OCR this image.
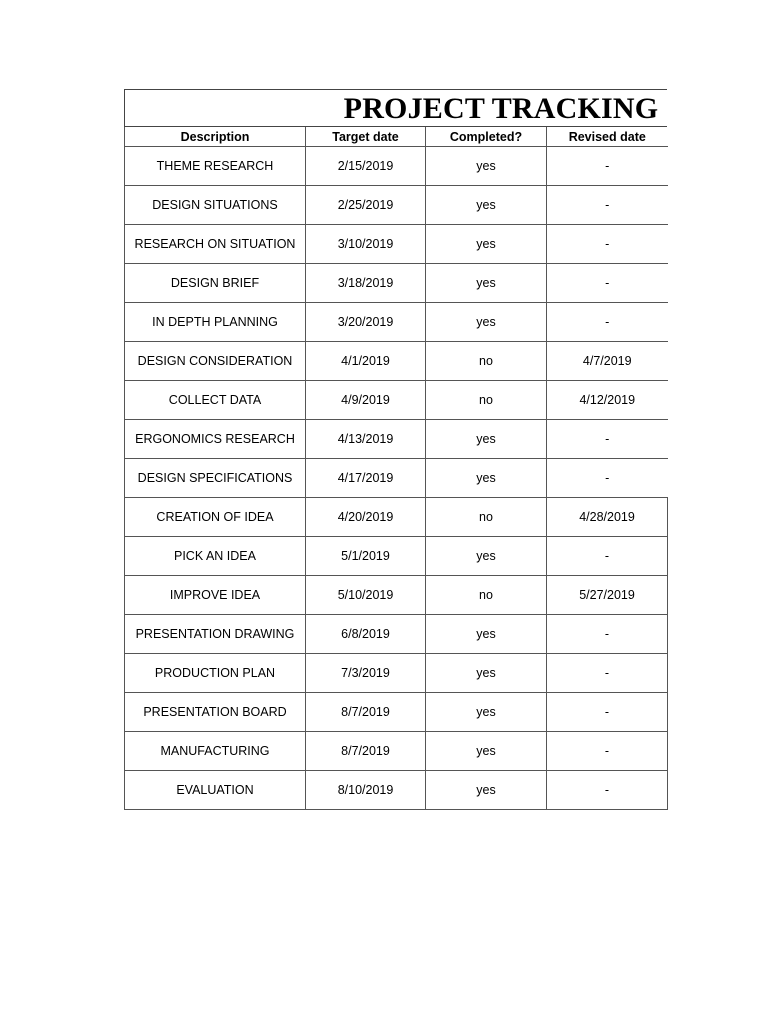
PROJECT TRACKING
Description	Target date	Completed?	Revised date
THEME RESEARCH	2/15/2019	yes	-
DESIGN SITUATIONS	2/25/2019	yes	-
RESEARCH ON SITUATION	3/10/2019	yes	-
DESIGN BRIEF	3/18/2019	yes	-
IN DEPTH PLANNING	3/20/2019	yes	-
DESIGN CONSIDERATION	4/1/2019	no	4/7/2019
COLLECT DATA	4/9/2019	no	4/12/2019
ERGONOMICS RESEARCH	4/13/2019	yes	-
DESIGN SPECIFICATIONS	4/17/2019	yes	-
CREATION OF IDEA	4/20/2019	no	4/28/2019
PICK AN IDEA	5/1/2019	yes	-
IMPROVE IDEA	5/10/2019	no	5/27/2019
PRESENTATION DRAWING	6/8/2019	yes	-
PRODUCTION PLAN	7/3/2019	yes	-
PRESENTATION BOARD	8/7/2019	yes	-
MANUFACTURING	8/7/2019	yes	-
EVALUATION	8/10/2019	yes	-
